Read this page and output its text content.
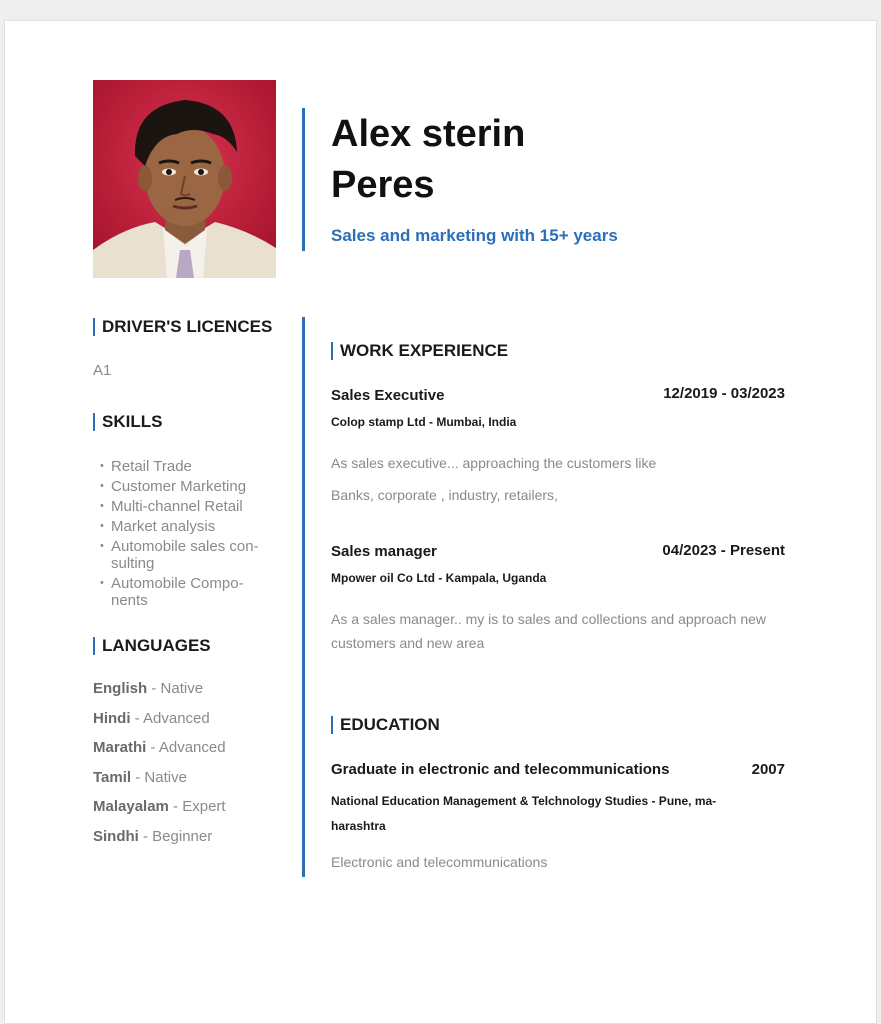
Alex sterin
Peres
Sales and marketing with 15+ years
DRIVER'S LICENCES
A1
SKILLS
• Retail Trade
• Customer Marketing
• Multi-channel Retail
• Market analysis
• Automobile sales con-sulting
• Automobile Compo-nents
LANGUAGES
English - Native
Hindi - Advanced
Marathi - Advanced
Tamil - Native
Malayalam - Expert
Sindhi - Beginner
WORK EXPERIENCE
Sales Executive	12/2019 - 03/2023
Colop stamp Ltd - Mumbai, India
As sales executive... approaching the customers like
Banks, corporate , industry, retailers,
Sales manager	04/2023 - Present
Mpower oil Co Ltd - Kampala, Uganda
As a sales manager.. my is to sales and collections and approach new
customers and new area
EDUCATION
Graduate in electronic and telecommunications	2007
National Education Management & Telchnology Studies - Pune, ma-
harashtra
Electronic and telecommunications
